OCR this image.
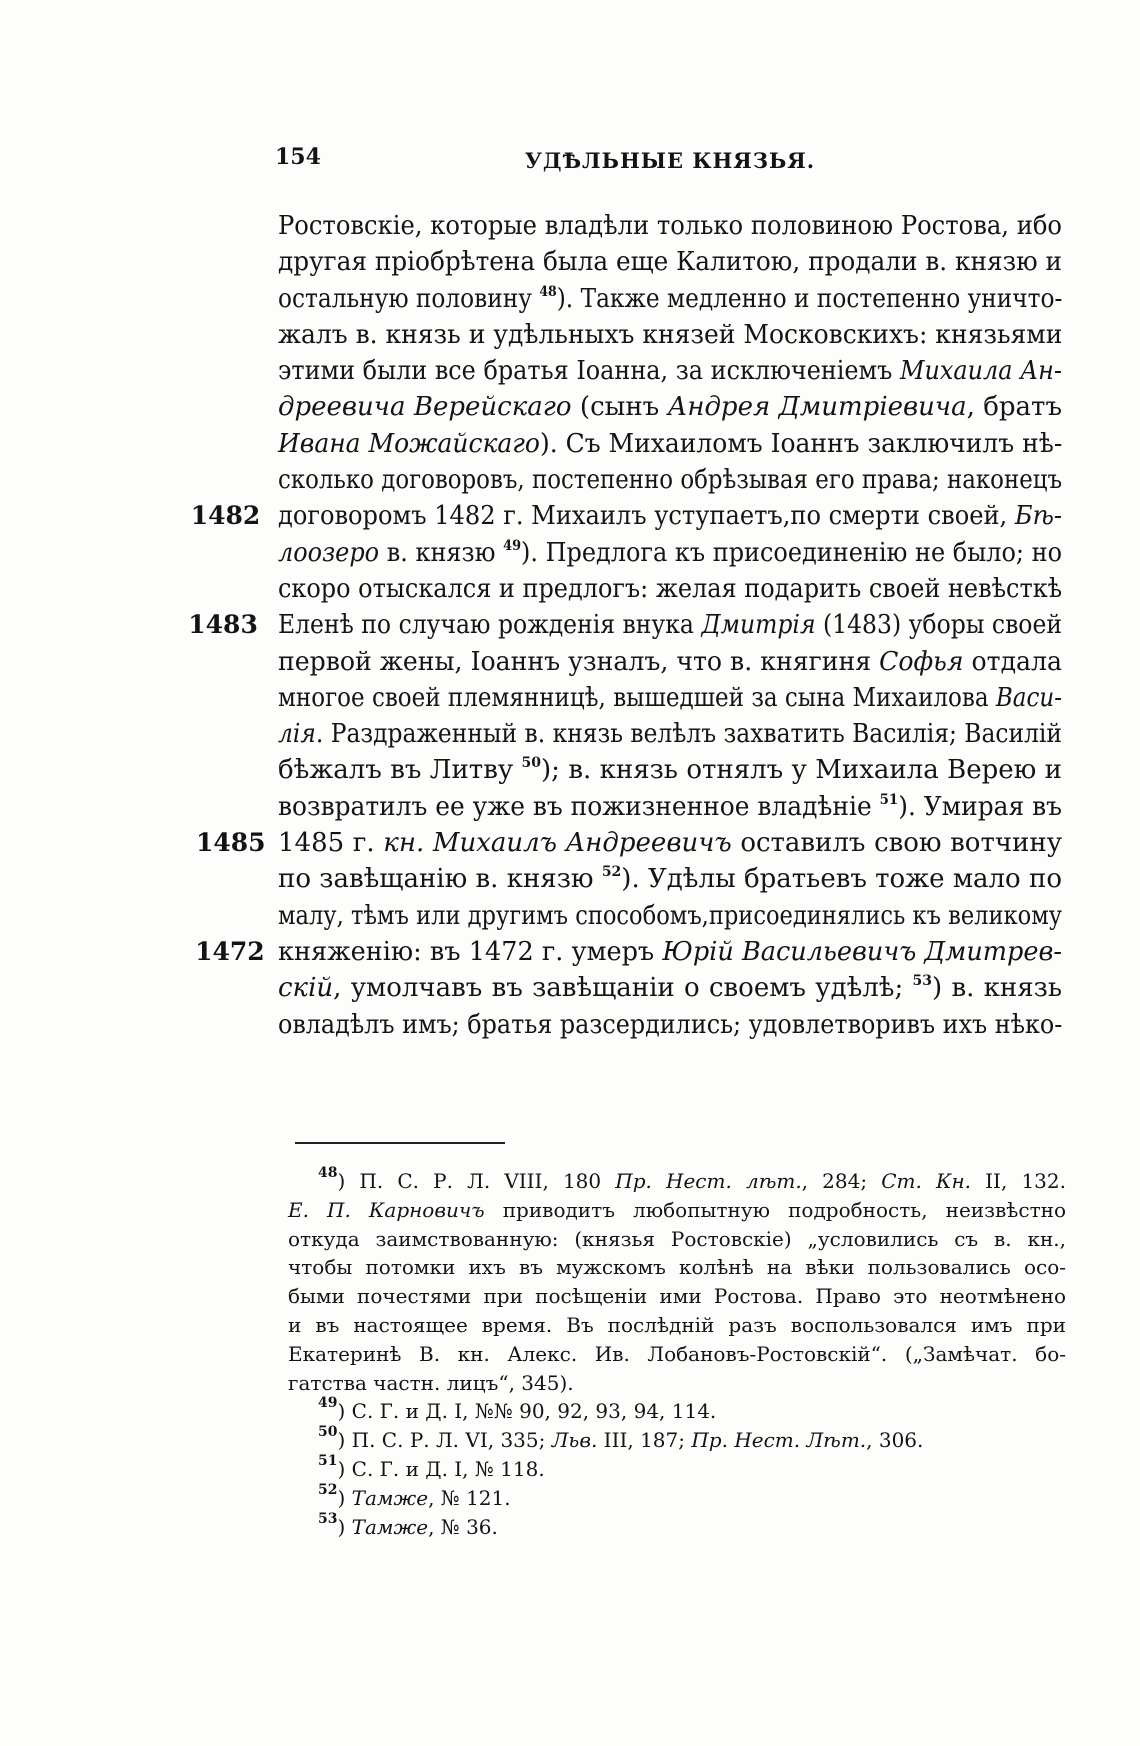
154	УДѢЛЬНЫЕ КНЯЗЬЯ.
Ростовскіе, которые владѣли только половиною Ростова, ибо
другая пріобрѣтена была еще Калитою, продали в. князю и
остальную половину $^{48}$). Также медленно и постепенно уничто-
жалъ в. князь и удѣльныхъ князей Московскихъ: князьями
этими были все братья Іоанна, за исключеніемъ Михаила Ан-
дреевича Верейскаго (сынъ Андрея Дмитріевича, братъ
Ивана Можайскаго). Съ Михаиломъ Іоаннъ заключилъ нѣ-
сколько договоровъ, постепенно обрѣзывая его права; наконецъ
1482 договоромъ 1482 г. Михаилъ уступаетъ,по смерти своей, Бѣ-
лоозеро в. князю $^{49}$). Предлога къ присоединенію не было; но
скоро отыскался и предлогъ: желая подарить своей невѣсткѣ
1483 Еленѣ по случаю рожденія внука Дмитрія (1483) уборы своей
первой жены, Іоаннъ узналъ, что в. княгиня Софья отдала
многое своей племянницѣ, вышедшей за сына Михаилова Васи-
лія. Раздраженный в. князь велѣлъ захватить Василія; Василій
бѣжалъ въ Литву $^{50}$); в. князь отнялъ у Михаила Верею и
возвратилъ ее уже въ пожизненное владѣніе $^{51}$). Умирая въ
1485 1485 г. кн. Михаилъ Андреевичъ оставилъ свою вотчину
по завѣщанію в. князю $^{52}$). Удѣлы братьевъ тоже мало по
малу, тѣмъ или другимъ способомъ,присоединялись къ великому
1472 княженію: въ 1472 г. умеръ Юрій Васильевичъ Дмитрев-
скій, умолчавъ въ завѣщаніи о своемъ удѣлѣ; $^{53}$) в. князь
овладѣлъ имъ; братья разсердились; удовлетворивъ ихъ нѣко-
$^{48}$) П. С. Р. Л. VIII, 180 Пр. Нест. лѣт., 284; Ст. Кн. II, 132.
Е. П. Карновичъ приводитъ любопытную подробность, неизвѣстно
откуда заимствованную: (князья Ростовскіе) „условились съ в. кн.,
чтобы потомки ихъ въ мужскомъ колѣнѣ на вѣки пользовались осо-
быми почестями при посѣщеніи ими Ростова. Право это неотмѣнено
и въ настоящее время. Въ послѣдній разъ воспользовался имъ при
Екатеринѣ В. кн. Алекс. Ив. Лобановъ-Ростовскій“. („Замѣчат. бо-
гатства частн. лицъ“, 345).
$^{49}$) С. Г. и Д. I, №№ 90, 92, 93, 94, 114.
$^{50}$) П. С. Р. Л. VI, 335; Льв. III, 187; Пр. Нест. Лѣт., 306.
$^{51}$) С. Г. и Д. I, № 118.
$^{52}$) Тамже, № 121.
$^{53}$) Тамже, № 36.
